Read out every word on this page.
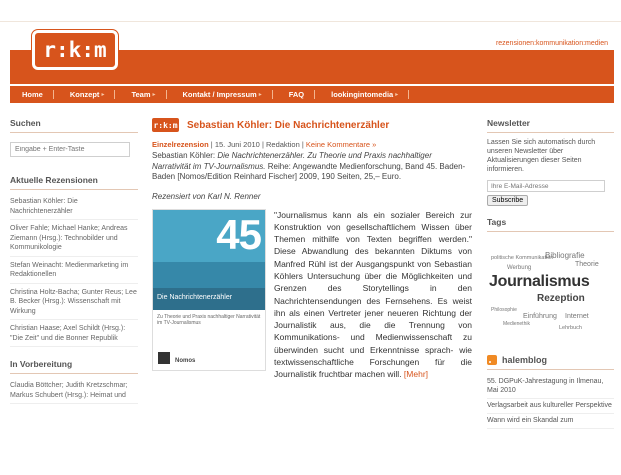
r:k:m	rezensionen:kommunikation:medien
Home	Konzept ▸	Team ▸	Kontakt / Impressum ▸	FAQ	lookingintomedia ▸
Suchen
Eingabe + Enter-Taste
Aktuelle Rezensionen
Sebastian Köhler: Die Nachrichtenerzähler
Oliver Fahle; Michael Hanke; Andreas Ziemann (Hrsg.): Technobilder und Kommunikologie
Stefan Weinacht: Medienmarketing im Redaktionellen
Christina Holtz-Bacha; Gunter Reus; Lee B. Becker (Hrsg.): Wissenschaft mit Wirkung
Christian Haase; Axel Schildt (Hrsg.): "Die Zeit" und die Bonner Republik
In Vorbereitung
Claudia Böttcher; Judith Kretzschmar; Markus Schubert (Hrsg.): Heimat und
r:k:m Sebastian Köhler: Die Nachrichtenerzähler
Einzelrezension | 15. Juni 2010 | Redaktion | Keine Kommentare »
Sebastian Köhler: Die Nachrichtenerzähler. Zu Theorie und Praxis nachhaltiger Narrativität im TV-Journalismus. Reihe: Angewandte Medienforschung, Band 45. Baden-Baden [Nomos/Edition Reinhard Fischer] 2009, 190 Seiten, 25,– Euro.
Rezensiert von Karl N. Renner
45
Die Nachrichtenerzähler
Zu Theorie und Praxis nachhaltiger Narrativität im TV-Journalismus
Nomos
"Journalismus kann als ein sozialer Bereich zur Konstruktion von gesellschaftlichem Wissen über Themen mithilfe von Texten begriffen werden." Diese Abwandlung des bekannten Diktums von Manfred Rühl ist der Ausgangspunkt von Sebastian Köhlers Untersuchung über die Möglichkeiten und Grenzen des Storytellings in den Nachrichtensendungen des Fernsehens. Es weist ihn als einen Vertreter jener neueren Richtung der Journalistik aus, die die Trennung von Kommunikations- und Medienwissenschaft zu überwinden sucht und Erkenntnisse sprach- wie textwissenschaftliche Forschungen für die Journalistik fruchtbar machen will. [Mehr]
Newsletter
Lassen Sie sich automatisch durch unseren Newsletter über Aktualisierungen dieser Seiten informieren.
Ihre E-Mail-Adresse
Subscribe
Tags
politische Kommunikation
Bibliografie
Theorie
Werbung
Journalismus
Rezeption
Philosophie
Einführung Internet
Medienethik
Lehrbuch
halemblog
55. DGPuK-Jahrestagung in Ilmenau, Mai 2010
Verlagsarbeit aus kultureller Perspektive
Wann wird ein Skandal zum
